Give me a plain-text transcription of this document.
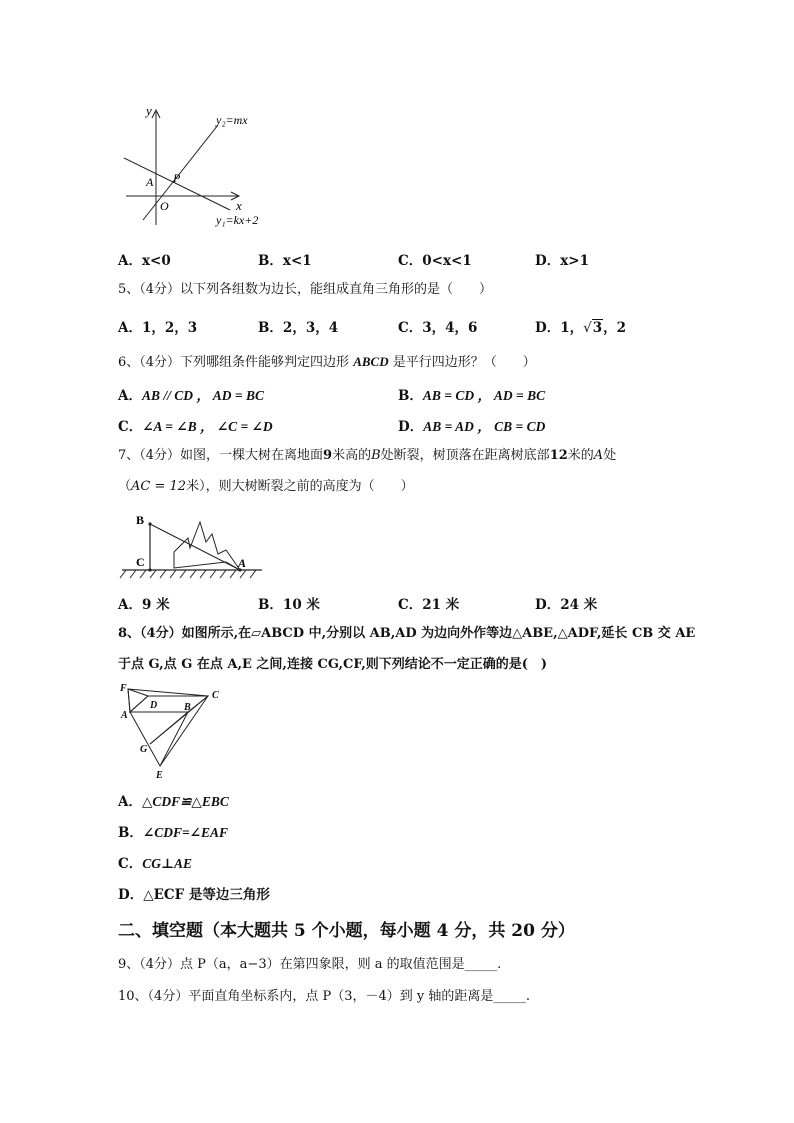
y
x
O
A P
y₂=mx
y₁=kx+2
A．x<0	B．x<1	C．0<x<1	D．x>1
5、（4分）以下列各组数为边长，能组成直角三角形的是（　　）
A．1，2，3	B．2，3，4	C．3，4，6	D．1，√3，2
6、（4分）下列哪组条件能够判定四边形 ABCD 是平行四边形？（　　）
A．AB // CD ， AD = BC	B．AB = CD ， AD = BC
C．∠A = ∠B ， ∠C = ∠D	D．AB = AD ， CB = CD
7、（4分）如图，一棵大树在离地面9米高的B处断裂，树顶落在距离树底部12米的A处
（AC = 12米），则大树断裂之前的高度为（　　）
B
C	A
A．9 米	B．10 米	C．21 米	D．24 米
8、（4分）如图所示,在▱ABCD 中,分别以 AB,AD 为边向外作等边△ABE,△ADF,延长 CB 交 AE
于点 G,点 G 在点 A,E 之间,连接 CG,CF,则下列结论不一定正确的是(　)
F
C
D
A
B
G
E
A．△CDF≌△EBC
B．∠CDF=∠EAF
C．CG⊥AE
D．△ECF 是等边三角形
二、填空题（本大题共 5 个小题，每小题 4 分，共 20 分）
9、（4分）点 P（a，a−3）在第四象限，则 a 的取值范围是_____.
10、（4分）平面直角坐标系内，点 P（3，－4）到 y 轴的距离是_____.
